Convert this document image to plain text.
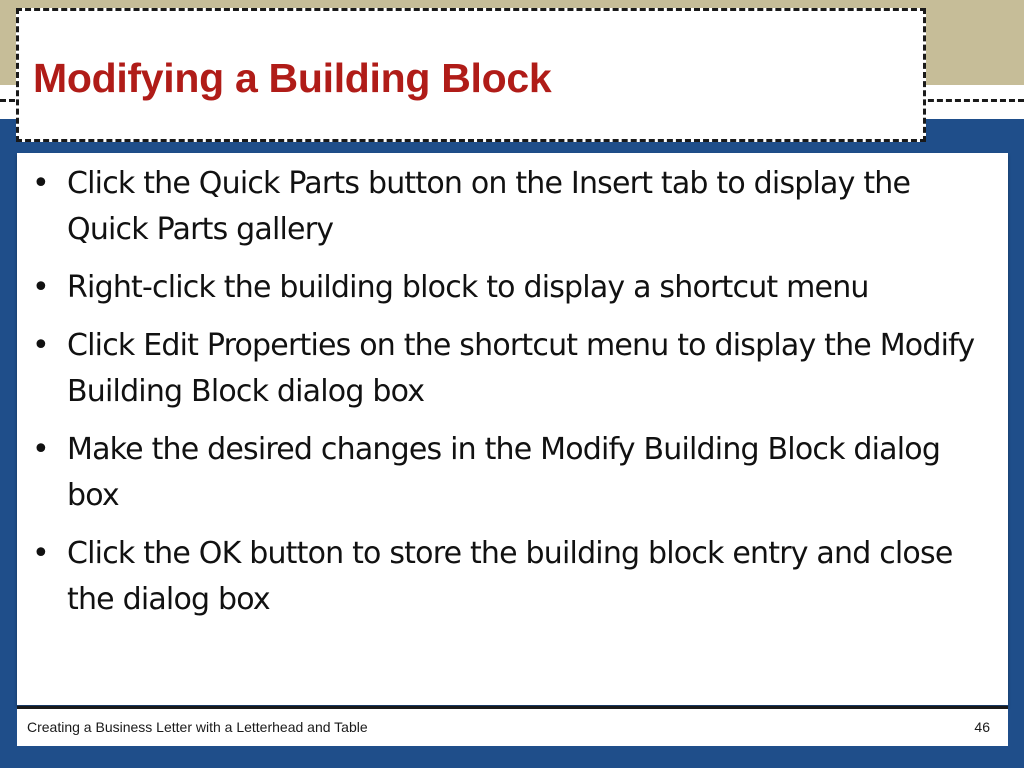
Modifying a Building Block
• Click the Quick Parts button on the Insert tab to display the Quick Parts gallery
• Right-click the building block to display a shortcut menu
• Click Edit Properties on the shortcut menu to display the Modify Building Block dialog box
• Make the desired changes in the Modify Building Block dialog box
• Click the OK button to store the building block entry and close the dialog box
Creating a Business Letter with a Letterhead and Table	46
